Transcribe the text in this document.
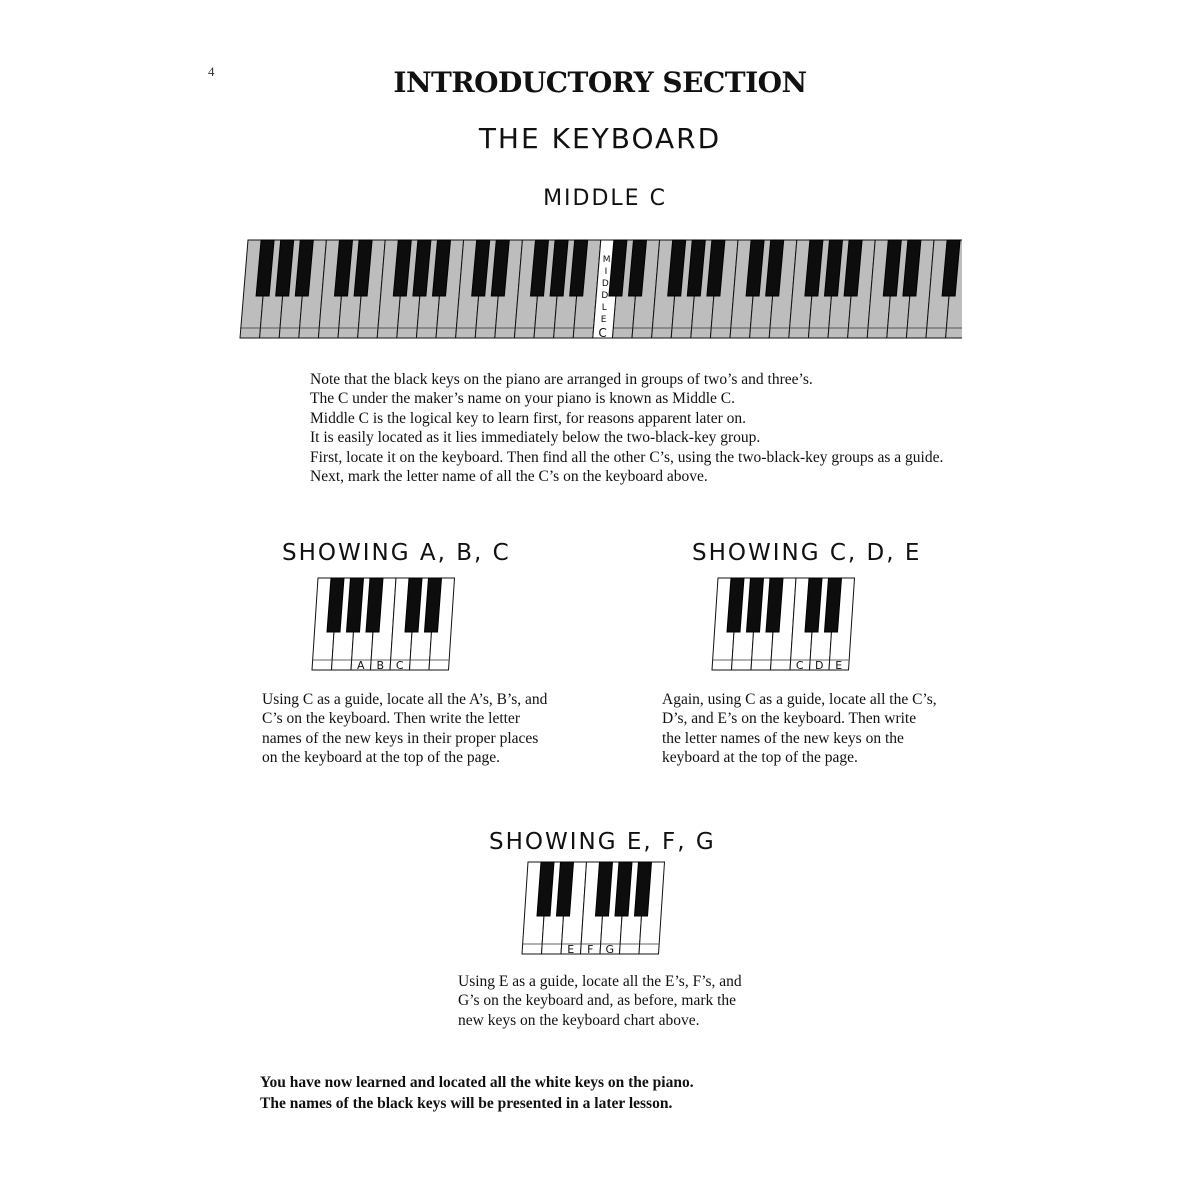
4	INTRODUCTORY SECTION
THE KEYBOARD
MIDDLE C
M
I
D
D
L
E
C
Note that the black keys on the piano are arranged in groups of two’s and three’s.
The C under the maker’s name on your piano is known as Middle C.
Middle C is the logical key to learn first, for reasons apparent later on.
It is easily located as it lies immediately below the two-black-key group.
First, locate it on the keyboard. Then find all the other C’s, using the two-black-key groups as a guide.
Next, mark the letter name of all the C’s on the keyboard above.
SHOWING A, B, C
A B C
Using C as a guide, locate all the A’s, B’s, and
C’s on the keyboard. Then write the letter
names of the new keys in their proper places
on the keyboard at the top of the page.
SHOWING C, D, E
C D E
Again, using C as a guide, locate all the C’s,
D’s, and E’s on the keyboard. Then write
the letter names of the new keys on the
keyboard at the top of the page.
SHOWING E, F, G
E F G
Using E as a guide, locate all the E’s, F’s, and
G’s on the keyboard and, as before, mark the
new keys on the keyboard chart above.
You have now learned and located all the white keys on the piano.
The names of the black keys will be presented in a later lesson.
